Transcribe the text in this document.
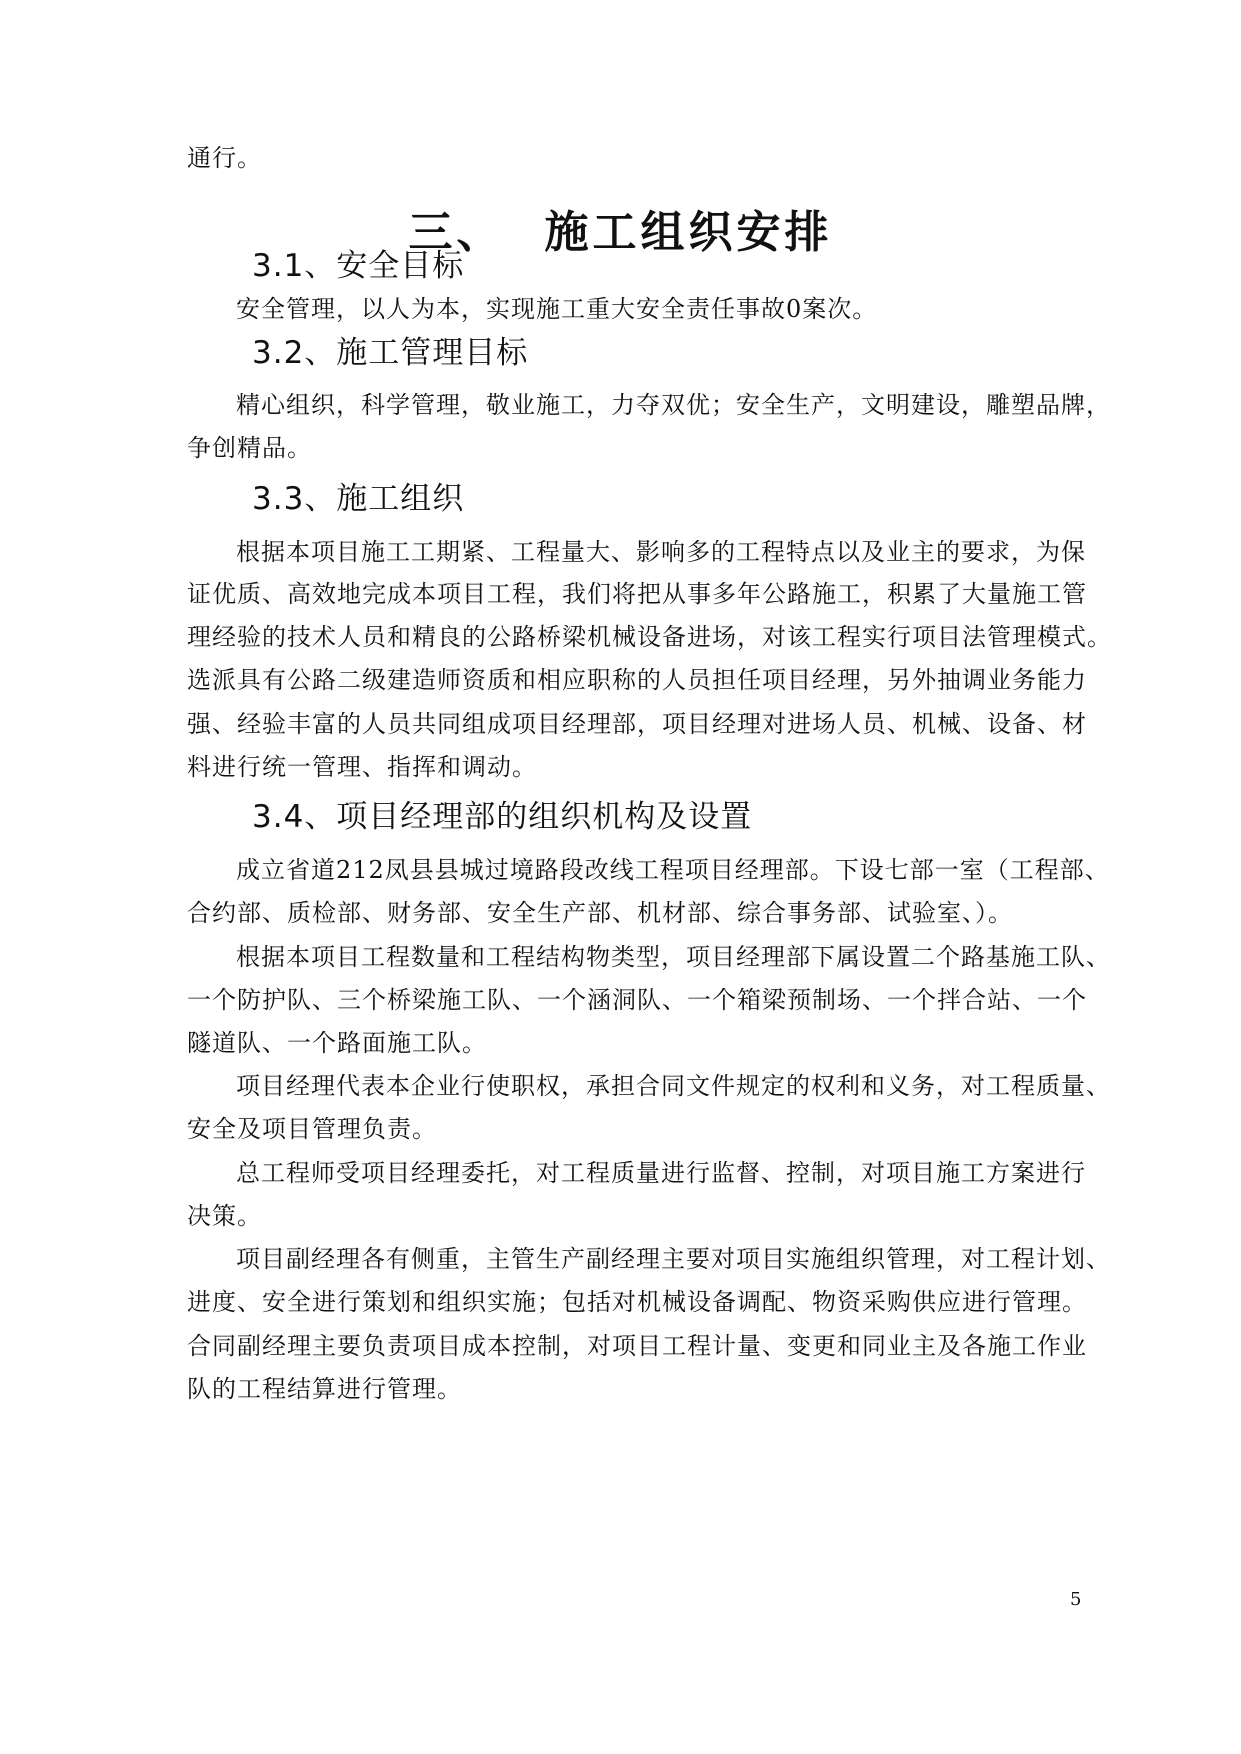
通行。
三、 施工组织安排
3.1、安全目标
安全管理，以人为本，实现施工重大安全责任事故0案次。
3.2、施工管理目标
精心组织，科学管理，敬业施工，力夺双优；安全生产，文明建设，雕塑品牌，
争创精品。
3.3、施工组织
根据本项目施工工期紧、工程量大、影响多的工程特点以及业主的要求，为保
证优质、高效地完成本项目工程，我们将把从事多年公路施工，积累了大量施工管
理经验的技术人员和精良的公路桥梁机械设备进场，对该工程实行项目法管理模式。
选派具有公路二级建造师资质和相应职称的人员担任项目经理，另外抽调业务能力
强、经验丰富的人员共同组成项目经理部，项目经理对进场人员、机械、设备、材
料进行统一管理、指挥和调动。
3.4、项目经理部的组织机构及设置
成立省道212凤县县城过境路段改线工程项目经理部。下设七部一室（工程部、
合约部、质检部、财务部、安全生产部、机材部、综合事务部、试验室、）。
根据本项目工程数量和工程结构物类型，项目经理部下属设置二个路基施工队、
一个防护队、三个桥梁施工队、一个涵洞队、一个箱梁预制场、一个拌合站、一个
隧道队、一个路面施工队。
项目经理代表本企业行使职权，承担合同文件规定的权利和义务，对工程质量、
安全及项目管理负责。
总工程师受项目经理委托，对工程质量进行监督、控制，对项目施工方案进行
决策。
项目副经理各有侧重，主管生产副经理主要对项目实施组织管理，对工程计划、
进度、安全进行策划和组织实施；包括对机械设备调配、物资采购供应进行管理。
合同副经理主要负责项目成本控制，对项目工程计量、变更和同业主及各施工作业
队的工程结算进行管理。
5
